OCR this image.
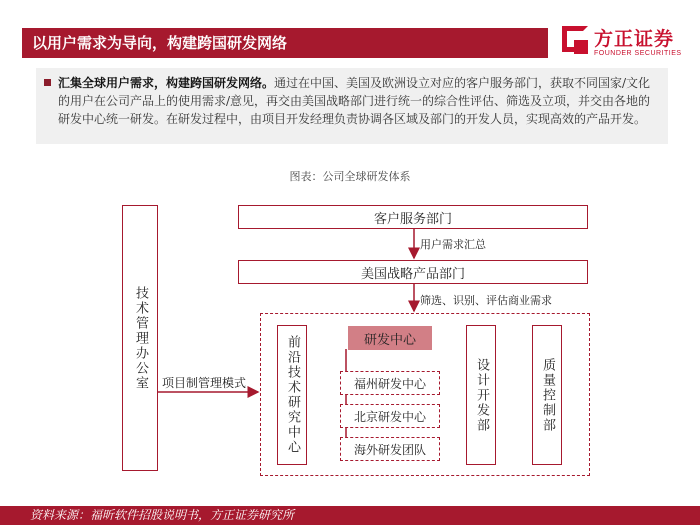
以用户需求为导向，构建跨国研发网络	方正证券
FOUNDER SECURITIES
汇集全球用户需求，构建跨国研发网络。通过在中国、美国及欧洲设立对应的客户服务部门，获取不同国家/文化的用户在公司产品上的使用需求/意见，再交由美国战略部门进行统一的综合性评估、筛选及立项，并交由各地的研发中心统一研发。在研发过程中，由项目开发经理负责协调各区域及部门的开发人员，实现高效的产品开发。
图表：公司全球研发体系
技术管理办公室
客户服务部门
用户需求汇总
美国战略产品部门
筛选、识别、评估商业需求
项目制管理模式	前沿技术研究中心	研发中心
福州研发中心
北京研发中心
海外研发团队
设计开发部	质量控制部
资料来源：福昕软件招股说明书，方正证券研究所
